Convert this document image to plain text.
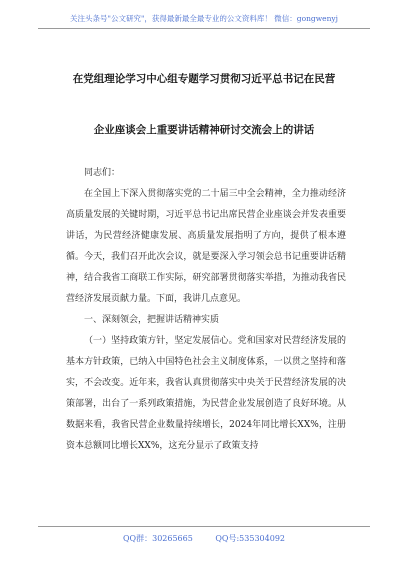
关注头条号"公文研究"，获得最新最全最专业的公文资料库！ 微信：gongwenyj
在党组理论学习中心组专题学习贯彻习近平总书记在民营
企业座谈会上重要讲话精神研讨交流会上的讲话

同志们：

在全国上下深入贯彻落实党的二十届三中全会精神，全力推动经济高质量发展的关键时期，习近平总书记出席民营企业座谈会并发表重要讲话，为民营经济健康发展、高质量发展指明了方向，提供了根本遵循。今天，我们召开此次会议，就是要深入学习领会总书记重要讲话精神，结合我省工商联工作实际，研究部署贯彻落实举措，为推动我省民营经济发展贡献力量。下面，我讲几点意见。

一、深刻领会，把握讲话精神实质

（一）坚持政策方针，坚定发展信心。党和国家对民营经济发展的基本方针政策，已纳入中国特色社会主义制度体系，一以贯之坚持和落实，不会改变。近年来，我省认真贯彻落实中央关于民营经济发展的决策部署，出台了一系列政策措施，为民营企业发展创造了良好环境。从数据来看，我省民营企业数量持续增长，2024年同比增长XX%，注册资本总额同比增长XX%，这充分显示了政策支持

QQ群：30265665	QQ号:535304092
